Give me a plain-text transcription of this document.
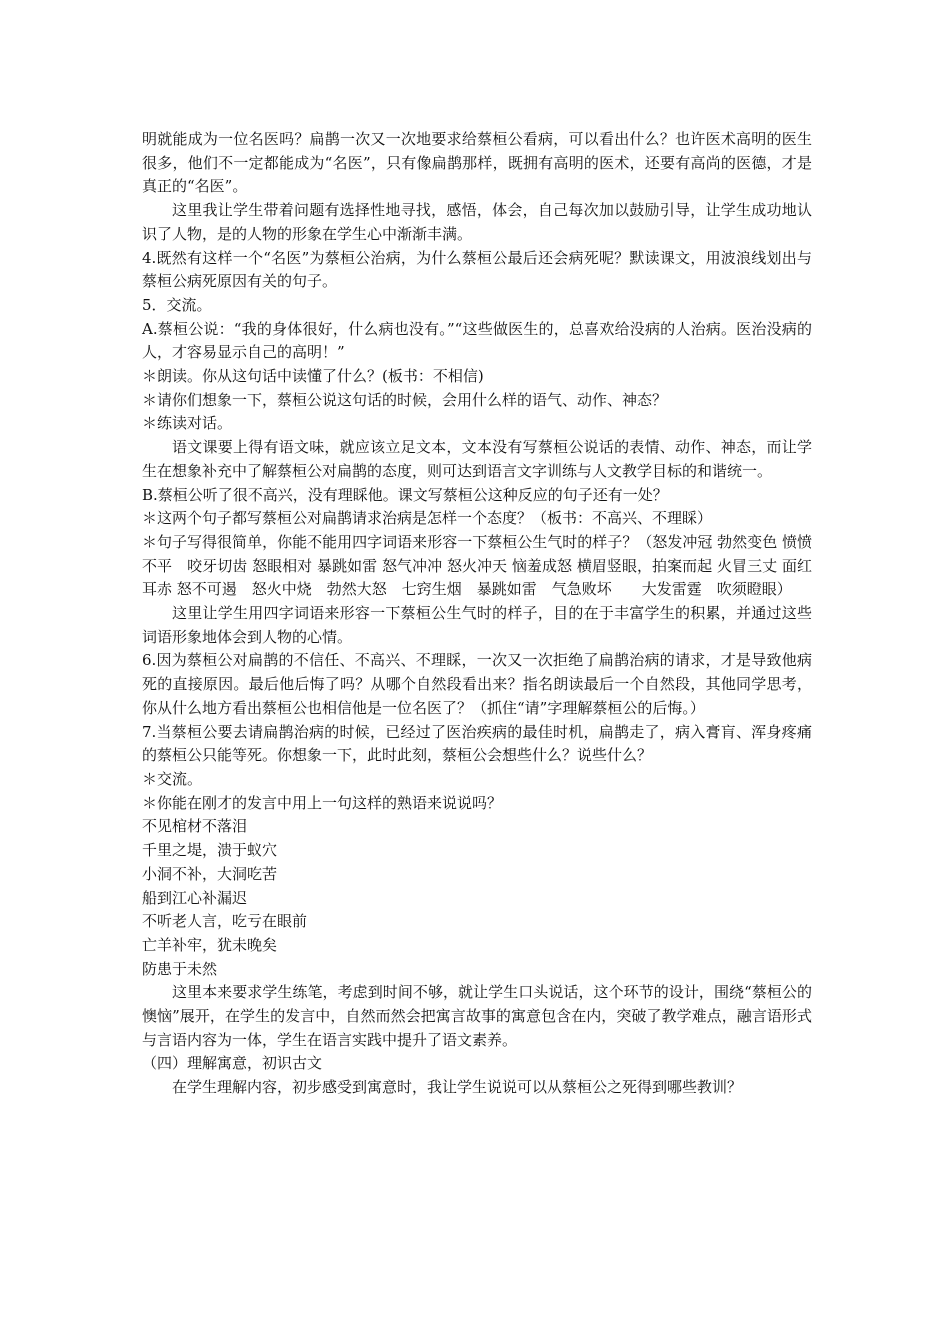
明就能成为一位名医吗？扁鹊一次又一次地要求给蔡桓公看病，可以看出什么？也许医术高明的医生很多，他们不一定都能成为“名医”，只有像扁鹊那样，既拥有高明的医术，还要有高尚的医德，才是真正的“名医”。

这里我让学生带着问题有选择性地寻找，感悟，体会，自己每次加以鼓励引导，让学生成功地认识了人物，是的人物的形象在学生心中渐渐丰满。

4.既然有这样一个“名医”为蔡桓公治病，为什么蔡桓公最后还会病死呢？默读课文，用波浪线划出与蔡桓公病死原因有关的句子。

5．交流。

A.蔡桓公说：“我的身体很好，什么病也没有。”“这些做医生的，总喜欢给没病的人治病。医治没病的人，才容易显示自己的高明！”

＊朗读。你从这句话中读懂了什么？(板书：不相信)

＊请你们想象一下，蔡桓公说这句话的时候，会用什么样的语气、动作、神态？

＊练读对话。

语文课要上得有语文味，就应该立足文本，文本没有写蔡桓公说话的表情、动作、神态，而让学生在想象补充中了解蔡桓公对扁鹊的态度，则可达到语言文字训练与人文教学目标的和谐统一。

B.蔡桓公听了很不高兴，没有理睬他。课文写蔡桓公这种反应的句子还有一处？

＊这两个句子都写蔡桓公对扁鹊请求治病是怎样一个态度？（板书：不高兴、不理睬）

＊句子写得很简单，你能不能用四字词语来形容一下蔡桓公生气时的样子？（怒发冲冠 勃然变色 愤愤不平　咬牙切齿 怒眼相对 暴跳如雷 怒气冲冲 怒火冲天 恼羞成怒 横眉竖眼，拍案而起 火冒三丈 面红耳赤 怒不可遏　怒火中烧　勃然大怒　七窍生烟　暴跳如雷　气急败坏　　大发雷霆　吹须瞪眼）

这里让学生用四字词语来形容一下蔡桓公生气时的样子，目的在于丰富学生的积累，并通过这些词语形象地体会到人物的心情。

6.因为蔡桓公对扁鹊的不信任、不高兴、不理睬，一次又一次拒绝了扁鹊治病的请求，才是导致他病死的直接原因。最后他后悔了吗？从哪个自然段看出来？指名朗读最后一个自然段，其他同学思考，你从什么地方看出蔡桓公也相信他是一位名医了？（抓住“请”字理解蔡桓公的后悔。）

7.当蔡桓公要去请扁鹊治病的时候，已经过了医治疾病的最佳时机，扁鹊走了，病入膏肓、浑身疼痛的蔡桓公只能等死。你想象一下，此时此刻，蔡桓公会想些什么？说些什么？

＊交流。

＊你能在刚才的发言中用上一句这样的熟语来说说吗？

不见棺材不落泪

千里之堤，溃于蚁穴

小洞不补，大洞吃苦

船到江心补漏迟

不听老人言，吃亏在眼前

亡羊补牢，犹未晚矣

防患于未然

这里本来要求学生练笔，考虑到时间不够，就让学生口头说话，这个环节的设计，围绕“蔡桓公的懊恼”展开，在学生的发言中，自然而然会把寓言故事的寓意包含在内，突破了教学难点，融言语形式与言语内容为一体，学生在语言实践中提升了语文素养。

（四）理解寓意，初识古文

在学生理解内容，初步感受到寓意时，我让学生说说可以从蔡桓公之死得到哪些教训？
